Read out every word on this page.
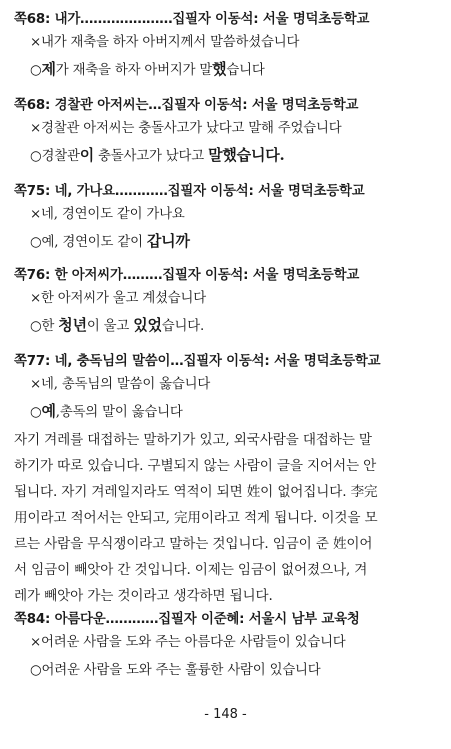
쪽68: 내가…………………집필자 이동석: 서울 명덕초등학교
×내가 재축을 하자 아버지께서 말씀하셨습니다
○제가 재축을 하자 아버지가 말했습니다
쪽68: 경찰관 아저씨는…집필자 이동석: 서울 명덕초등학교
×경찰관 아저씨는 충돌사고가 났다고 말해 주었습니다
○경찰관이 충돌사고가 났다고 말했습니다.
쪽75: 네, 가나요…………집필자 이동석: 서울 명덕초등학교
×네, 경연이도 같이 가나요
○예, 경연이도 같이 갑니까
쪽76: 한 아저씨가………집필자 이동석: 서울 명덕초등학교
×한 아저씨가 울고 계셨습니다
○한 청년이 울고 있었습니다.
쪽77: 네, 충독님의 말씀이…집필자 이동석: 서울 명덕초등학교
×네, 총독님의 말씀이 옳습니다
○예,총독의 말이 옳습니다
자기 겨레를 대접하는 말하기가 있고, 외국사람을 대접하는 말
하기가 따로 있습니다. 구별되지 않는 사람이 글을 지어서는 안
됩니다. 자기 겨레일지라도 역적이 되면 姓이 없어집니다. 李完
用이라고 적어서는 안되고, 完用이라고 적게 됩니다. 이것을 모
르는 사람을 무식쟁이라고 말하는 것입니다. 임금이 준 姓이어
서 임금이 빼앗아 간 것입니다. 이제는 임금이 없어졌으나, 겨
레가 빼앗아 가는 것이라고 생각하면 됩니다.
쪽84: 아름다운…………집필자 이준혜: 서울시 남부 교육청
×어려운 사람을 도와 주는 아름다운 사람들이 있습니다
○어려운 사람을 도와 주는 훌륭한 사람이 있습니다
- 148 -
